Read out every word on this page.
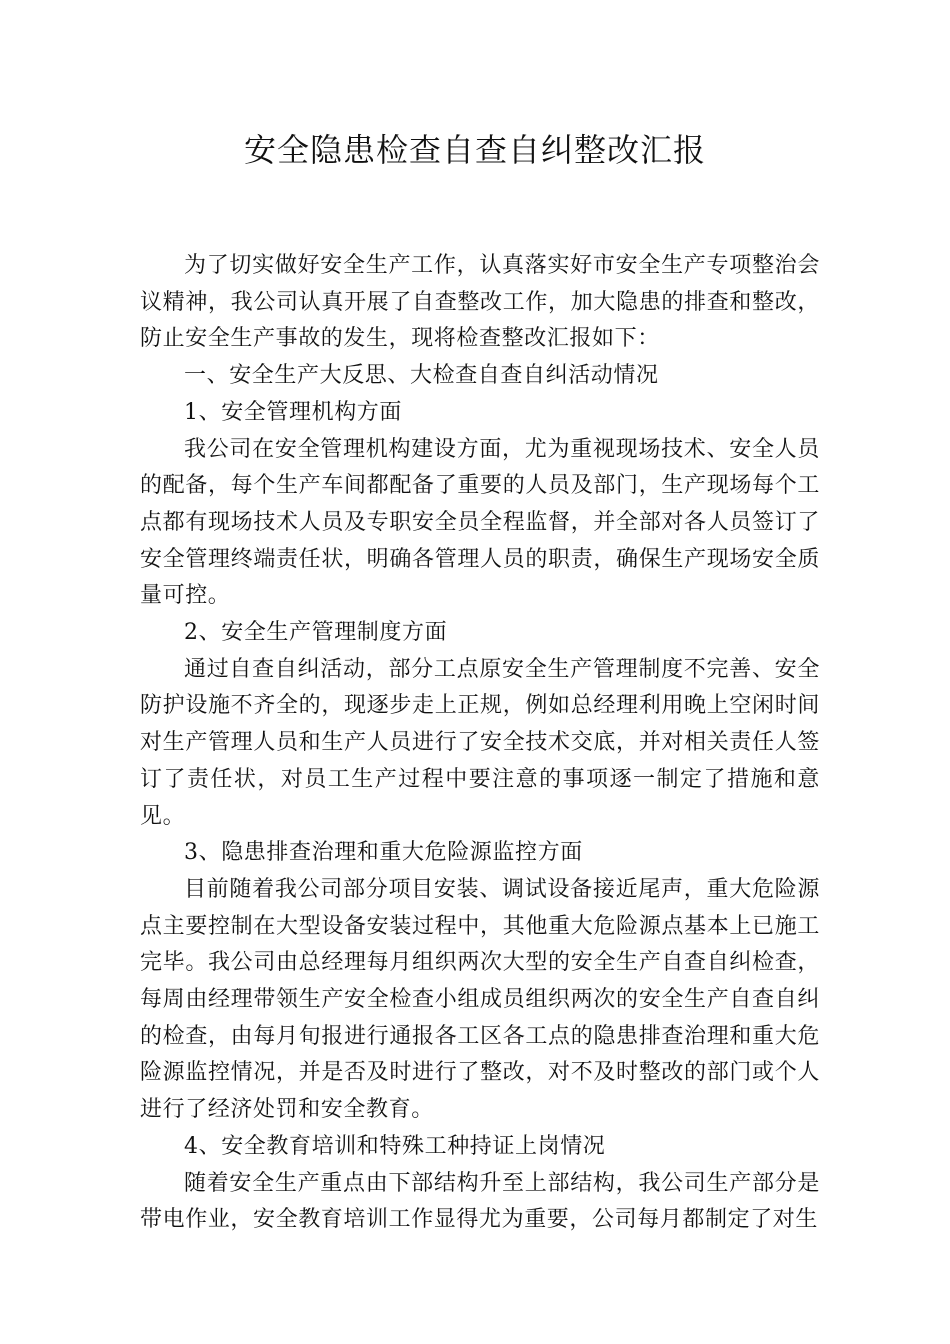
安全隐患检查自查自纠整改汇报

为了切实做好安全生产工作，认真落实好市安全生产专项整治会议精神，我公司认真开展了自查整改工作，加大隐患的排查和整改，防止安全生产事故的发生，现将检查整改汇报如下：

一、安全生产大反思、大检查自查自纠活动情况

1、安全管理机构方面

我公司在安全管理机构建设方面，尤为重视现场技术、安全人员的配备，每个生产车间都配备了重要的人员及部门，生产现场每个工点都有现场技术人员及专职安全员全程监督，并全部对各人员签订了安全管理终端责任状，明确各管理人员的职责，确保生产现场安全质量可控。

2、安全生产管理制度方面

通过自查自纠活动，部分工点原安全生产管理制度不完善、安全防护设施不齐全的，现逐步走上正规，例如总经理利用晚上空闲时间对生产管理人员和生产人员进行了安全技术交底，并对相关责任人签订了责任状，对员工生产过程中要注意的事项逐一制定了措施和意见。

3、隐患排查治理和重大危险源监控方面

目前随着我公司部分项目安装、调试设备接近尾声，重大危险源点主要控制在大型设备安装过程中，其他重大危险源点基本上已施工完毕。我公司由总经理每月组织两次大型的安全生产自查自纠检查，每周由经理带领生产安全检查小组成员组织两次的安全生产自查自纠的检查，由每月旬报进行通报各工区各工点的隐患排查治理和重大危险源监控情况，并是否及时进行了整改，对不及时整改的部门或个人进行了经济处罚和安全教育。

4、安全教育培训和特殊工种持证上岗情况

随着安全生产重点由下部结构升至上部结构，我公司生产部分是带电作业，安全教育培训工作显得尤为重要，公司每月都制定了对生
